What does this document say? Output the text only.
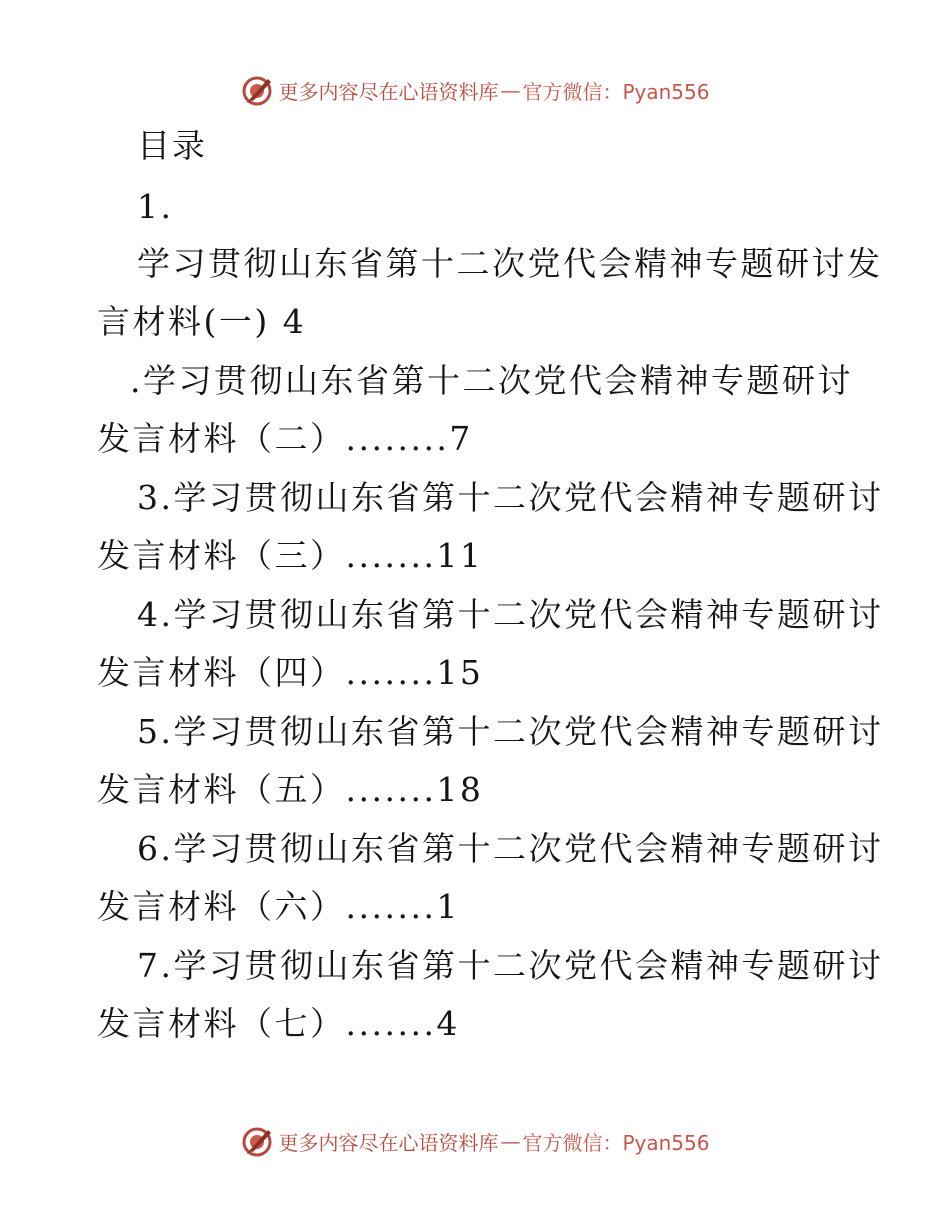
更多内容尽在心语资料库 — 官方微信：Pyan556
目录
1.
学习贯彻山东省第十二次党代会精神专题研讨发
言材料(一) 4
.学习贯彻山东省第十二次党代会精神专题研讨
发言材料（二）........7
3.学习贯彻山东省第十二次党代会精神专题研讨
发言材料（三）.......11
4.学习贯彻山东省第十二次党代会精神专题研讨
发言材料（四）.......15
5.学习贯彻山东省第十二次党代会精神专题研讨
发言材料（五）.......18
6.学习贯彻山东省第十二次党代会精神专题研讨
发言材料（六）.......1
7.学习贯彻山东省第十二次党代会精神专题研讨
发言材料（七）.......4
更多内容尽在心语资料库 — 官方微信：Pyan556
